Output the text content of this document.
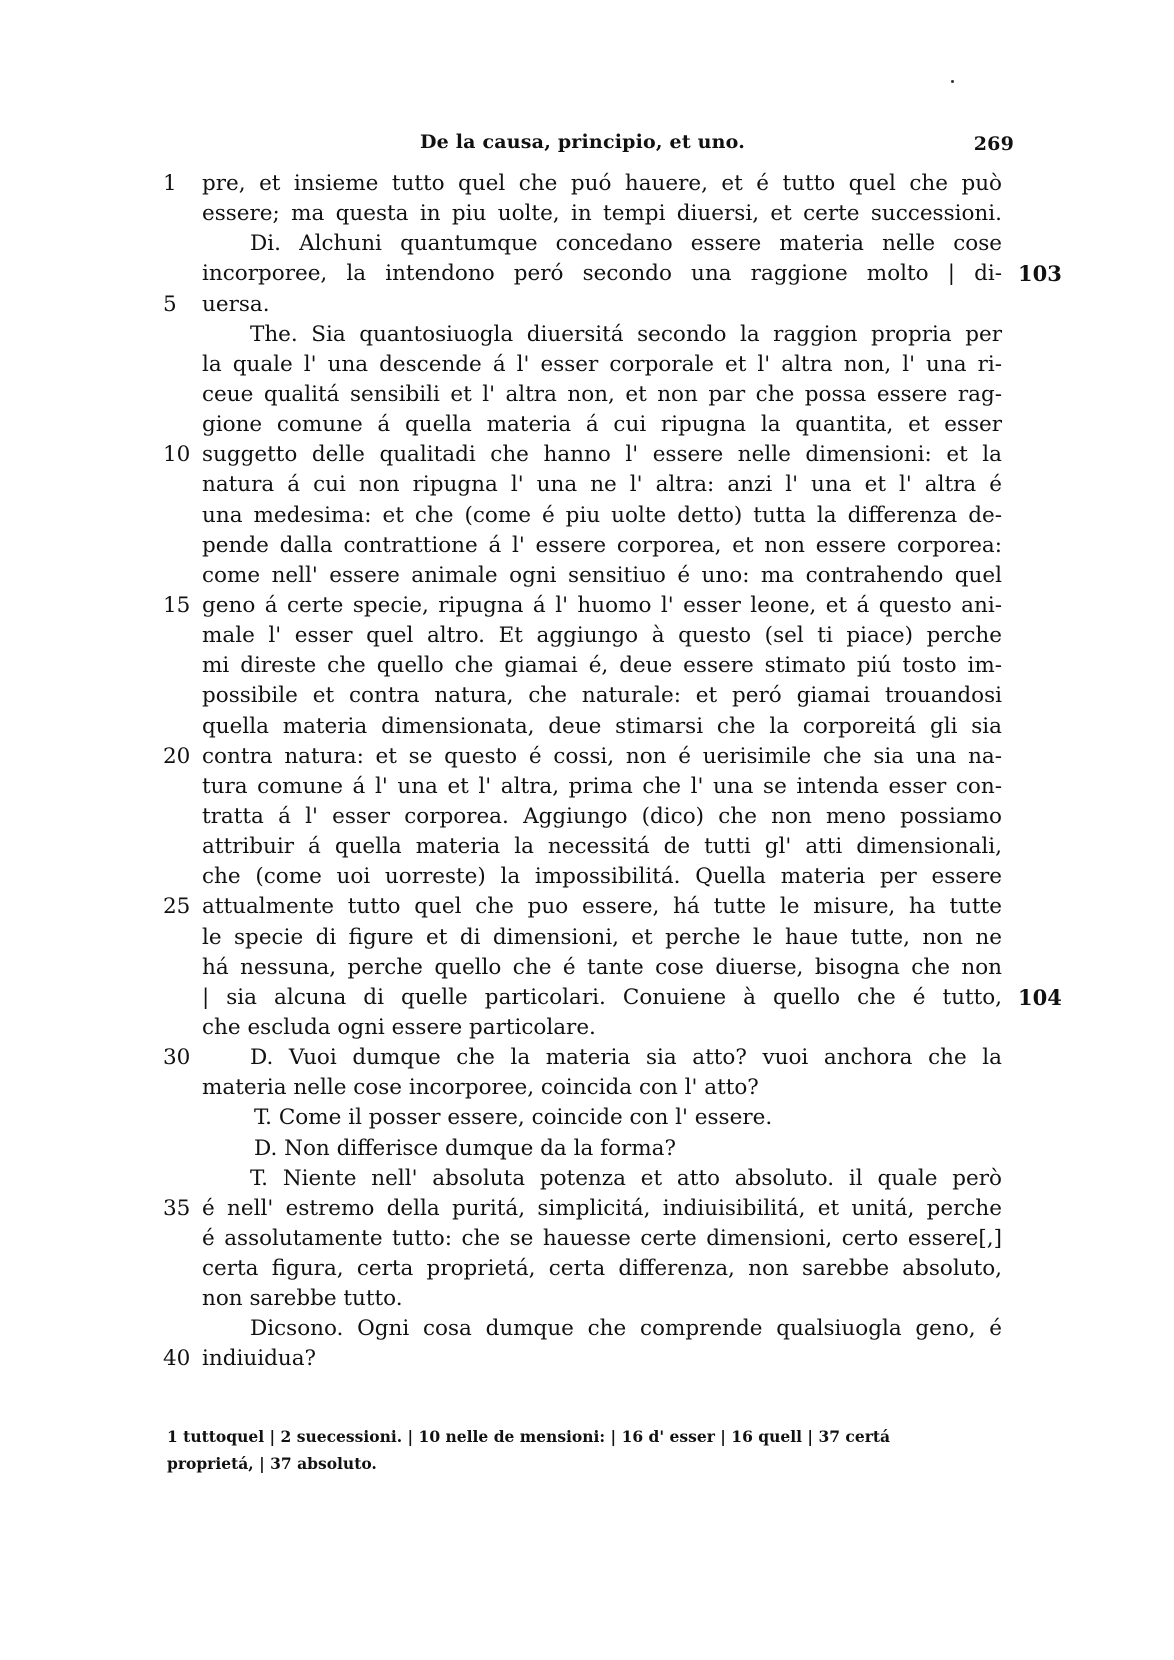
De la causa, principio, et uno.	269
1	pre, et insieme tutto quel che puó hauere, et é tutto quel che può
essere; ma questa in piu uolte, in tempi diuersi, et certe successioni.
Di. Alchuni quantumque concedano essere materia nelle cose
incorporee, la intendono peró secondo una raggione molto | di- 103
5	uersa.
The. Sia quantosiuogla diuersitá secondo la raggion propria per
la quale l' una descende á l' esser corporale et l' altra non, l' una ri-
ceue qualitá sensibili et l' altra non, et non par che possa essere rag-
gione comune á quella materia á cui ripugna la quantita, et esser
10 suggetto delle qualitadi che hanno l' essere nelle dimensioni: et la
natura á cui non ripugna l' una ne l' altra: anzi l' una et l' altra é
una medesima: et che (come é piu uolte detto) tutta la differenza de-
pende dalla contrattione á l' essere corporea, et non essere corporea:
come nell' essere animale ogni sensitiuo é uno: ma contrahendo quel
15 geno á certe specie, ripugna á l' huomo l' esser leone, et á questo ani-
male l' esser quel altro. Et aggiungo à questo (sel ti piace) perche
mi direste che quello che giamai é, deue essere stimato piú tosto im-
possibile et contra natura, che naturale: et peró giamai trouandosi
quella materia dimensionata, deue stimarsi che la corporeitá gli sia
20 contra natura: et se questo é cossi, non é uerisimile che sia una na-
tura comune á l' una et l' altra, prima che l' una se intenda esser con-
tratta á l' esser corporea. Aggiungo (dico) che non meno possiamo
attribuir á quella materia la necessitá de tutti gl' atti dimensionali,
che (come uoi uorreste) la impossibilitá. Quella materia per essere
25 attualmente tutto quel che puo essere, há tutte le misure, ha tutte
le specie di figure et di dimensioni, et perche le haue tutte, non ne
há nessuna, perche quello che é tante cose diuerse, bisogna che non
| sia alcuna di quelle particolari. Conuiene à quello che é tutto, 104
che escluda ogni essere particolare.
30	D. Vuoi dumque che la materia sia atto? vuoi anchora che la
materia nelle cose incorporee, coincida con l' atto?
T. Come il posser essere, coincide con l' essere.
D. Non differisce dumque da la forma?
T. Niente nell' absoluta potenza et atto absoluto. il quale però
35 é nell' estremo della puritá, simplicitá, indiuisibilitá, et unitá, perche
é assolutamente tutto: che se hauesse certe dimensioni, certo essere[,]
certa figura, certa proprietá, certa differenza, non sarebbe absoluto,
non sarebbe tutto.
Dicsono. Ogni cosa dumque che comprende qualsiuogla geno, é
40 indiuidua?
1 tuttoquel | 2 suecessioni. | 10 nelle de mensioni: | 16 d' esser | 16 quell | 37 certá
proprietá, | 37 absoluto.
